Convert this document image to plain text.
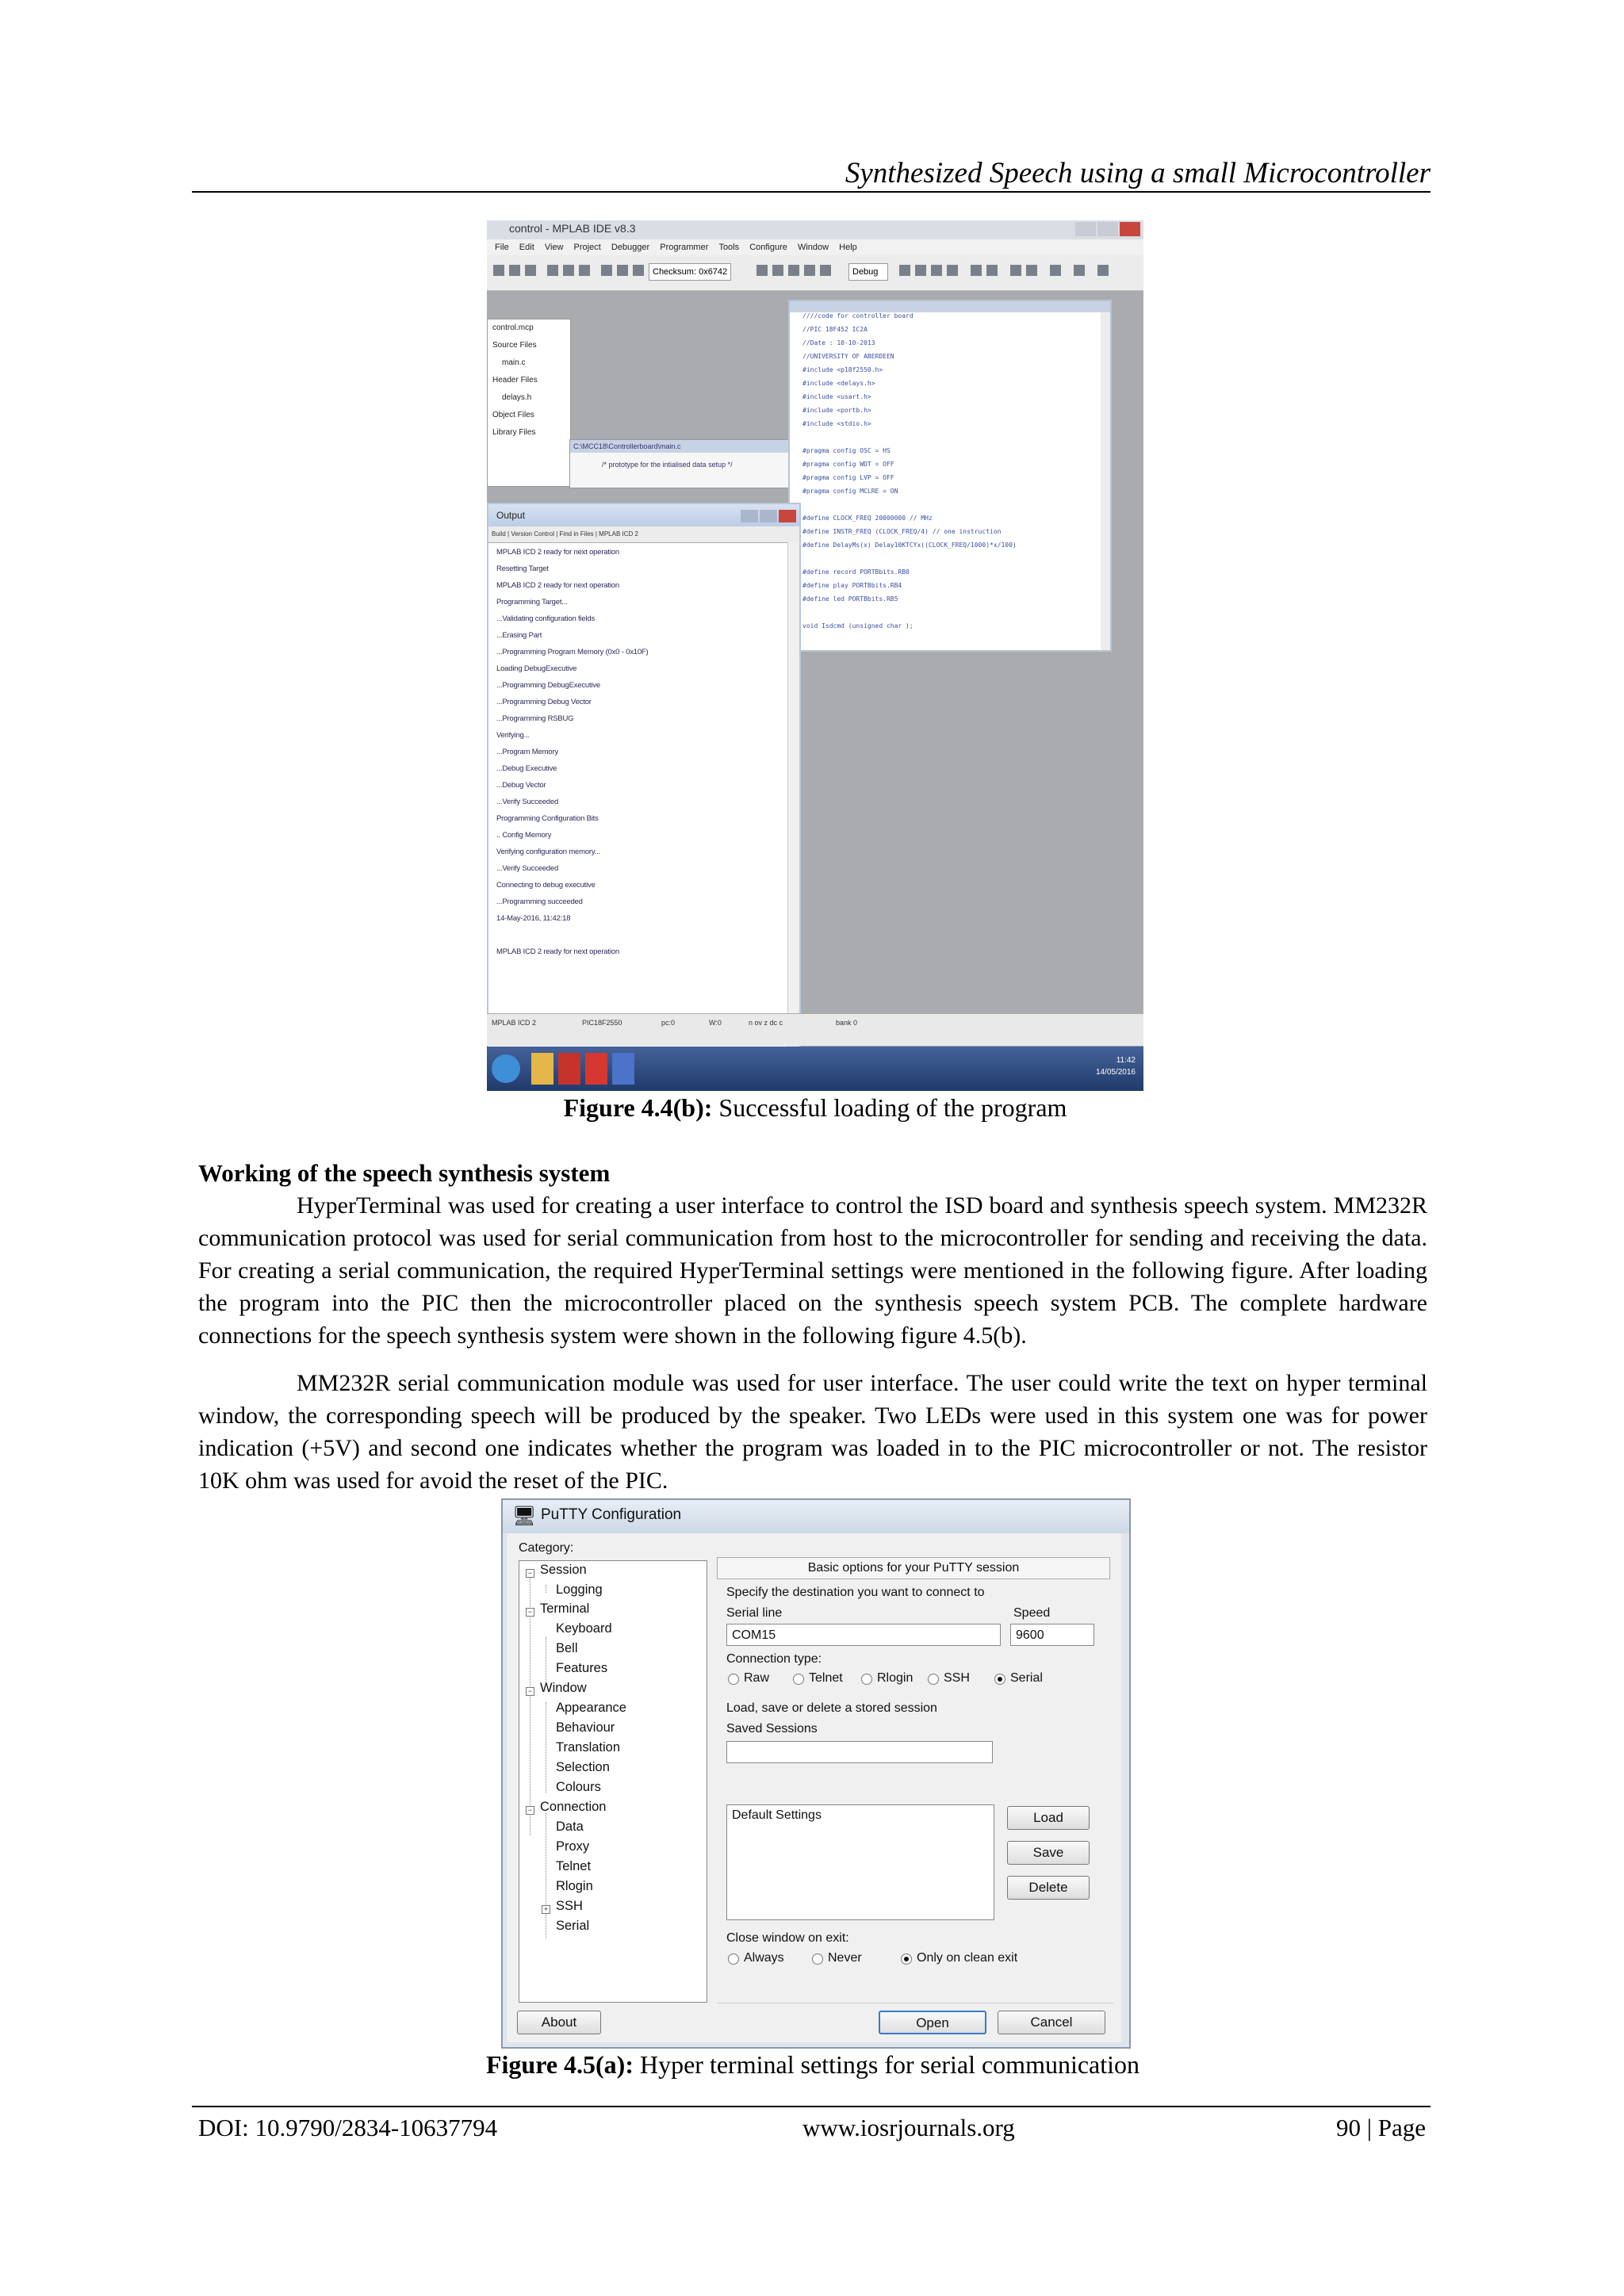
Synthesized Speech using a small Microcontroller
control - MPLAB IDE v8.3
File Edit View Project Debugger Programmer Tools Configure Window Help
Checksum: 0x6742	Debug
control.mcp
Source Files
main.c
Header Files
delays.h
Object Files
Library Files
C:\MCC18\Controllerboard\main.c
/* prototype for the intialised data setup */
////code for controller board
//PIC 18F452 IC2A
//Date : 10-10-2013
//UNIVERSITY OF ABERDEEN
#include <p18f2550.h>
#include <delays.h>
#include <usart.h>
#include <portb.h>
#include <stdio.h>
#pragma config OSC = HS
#pragma config WDT = OFF
#pragma config LVP = OFF
#pragma config MCLRE = ON
#define CLOCK_FREQ 20000000 // MHz
#define INSTR_FREQ (CLOCK_FREQ/4) // one instruction
#define DelayMs(x) Delay10KTCYx((CLOCK_FREQ/1000)*x/100)
#define record PORTBbits.RB0
#define play PORTBbits.RB4
#define led PORTBbits.RB5
void Isdcmd (unsigned char );
Output
Build | Version Control | Find in Files | MPLAB ICD 2
MPLAB ICD 2 ready for next operation
Resetting Target
MPLAB ICD 2 ready for next operation
Programming Target...
...Validating configuration fields
...Erasing Part
...Programming Program Memory (0x0 - 0x10F)
Loading DebugExecutive
...Programming DebugExecutive
...Programming Debug Vector
...Programming RSBUG
Verifying...
...Program Memory
...Debug Executive
...Debug Vector
...Verify Succeeded
Programming Configuration Bits
.. Config Memory
Verifying configuration memory...
...Verify Succeeded
Connecting to debug executive
...Programming succeeded
14-May-2016, 11:42:18
MPLAB ICD 2 ready for next operation
MPLAB ICD 2	PIC18F2550	pc:0	W:0	n ov z dc c	bank 0
11:42
14/05/2016
Figure 4.4(b): Successful loading of the program
Working of the speech synthesis system

HyperTerminal was used for creating a user interface to control the ISD board and synthesis speech system. MM232R communication protocol was used for serial communication from host to the microcontroller for sending and receiving the data. For creating a serial communication, the required HyperTerminal settings were mentioned in the following figure. After loading the program into the PIC then the microcontroller placed on the synthesis speech system PCB. The complete hardware connections for the speech synthesis system were shown in the following figure 4.5(b).

MM232R serial communication module was used for user interface. The user could write the text on hyper terminal window, the corresponding speech will be produced by the speaker. Two LEDs were used in this system one was for power indication (+5V) and second one indicates whether the program was loaded in to the PIC microcontroller or not. The resistor 10K ohm was used for avoid the reset of the PIC.

🖥 PuTTY Configuration
Category:
− Session
Logging
− Terminal
Keyboard
Bell
Features
− Window
Appearance
Behaviour
Translation
Selection
Colours
− Connection
Data
Proxy
Telnet
Rlogin
+ SSH
Serial
Basic options for your PuTTY session
Specify the destination you want to connect to
Serial line	Speed
COM15	9600
Connection type:
Raw	Telnet	Rlogin SSH	Serial
Load, save or delete a stored session
Saved Sessions
Default Settings	Load
Save
Delete
Close window on exit:
Always	Never	Only on clean exit
About	Open	Cancel
Figure 4.5(a): Hyper terminal settings for serial communication
DOI: 10.9790/2834-10637794	www.iosrjournals.org	90 | Page
